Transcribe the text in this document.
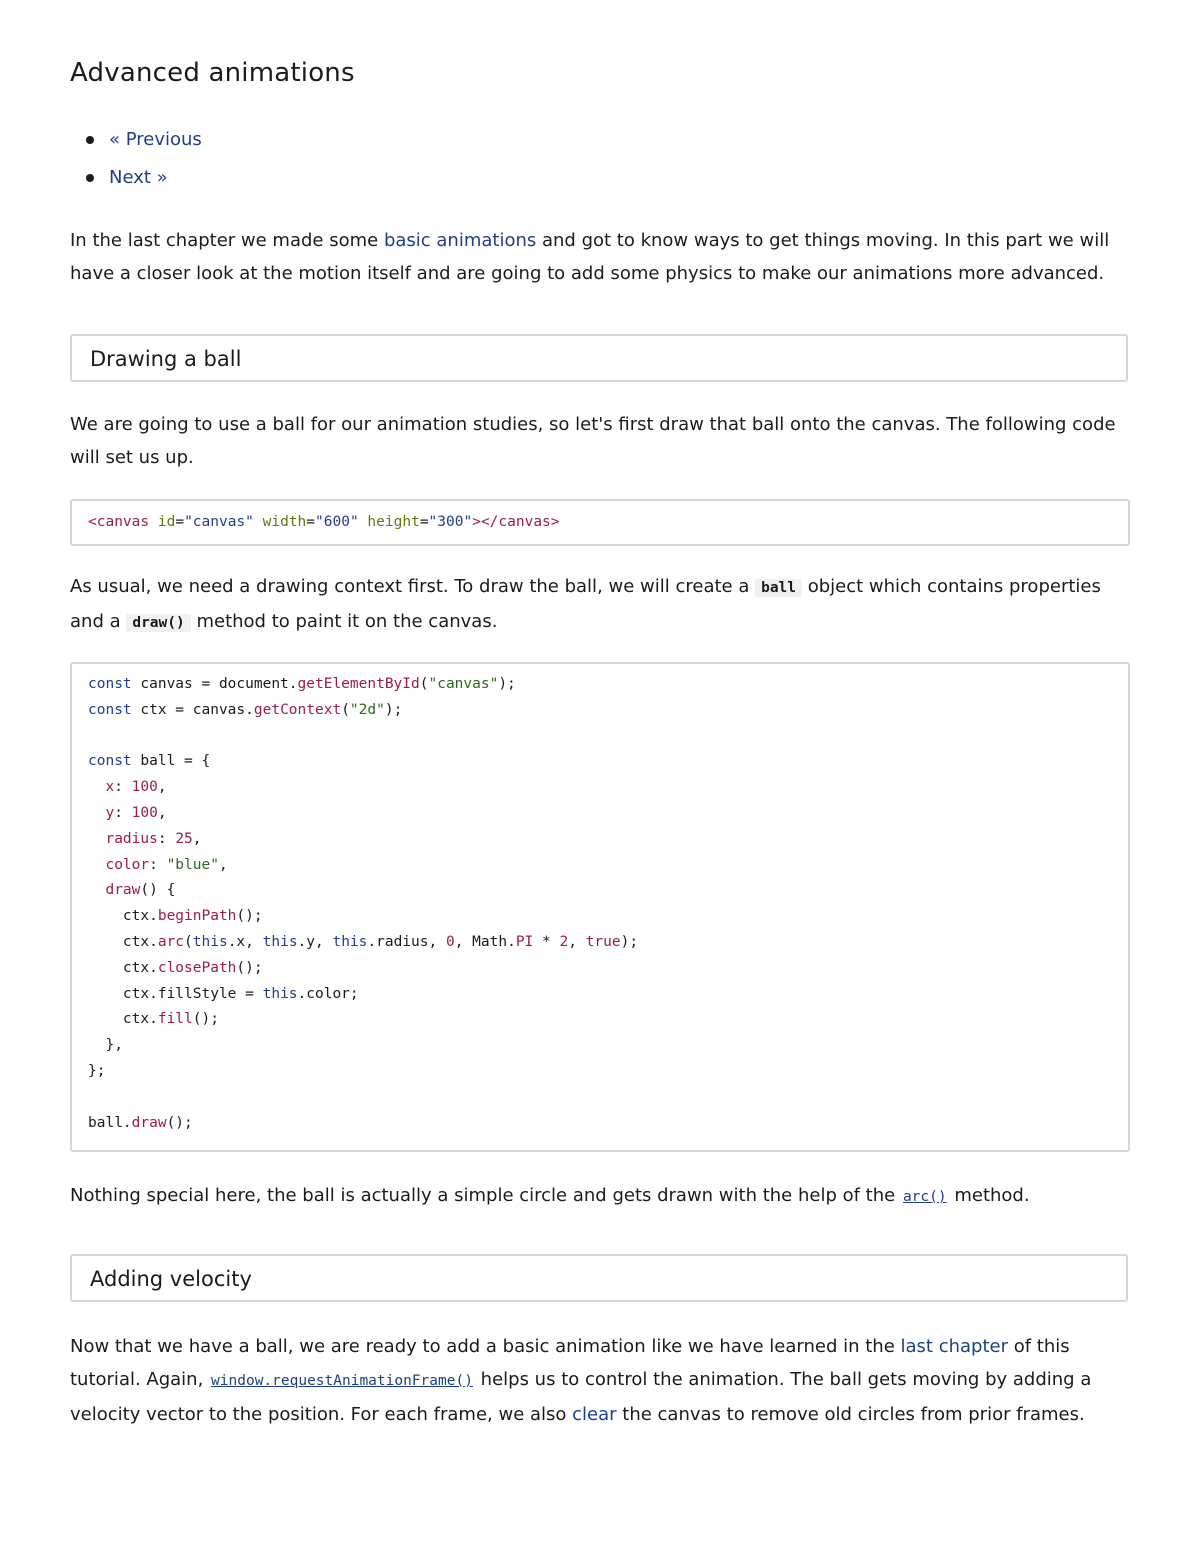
Advanced animations
« Previous
Next »

In the last chapter we made some basic animations and got to know ways to get things moving. In this part we will have a closer look at the motion itself and are going to add some physics to make our animations more advanced.

Drawing a ball

We are going to use a ball for our animation studies, so let's first draw that ball onto the canvas. The following code will set us up.

<canvas id="canvas" width="600" height="300"></canvas>

As usual, we need a drawing context first. To draw the ball, we will create a ball object which contains properties and a draw() method to paint it on the canvas.

const canvas = document.getElementById("canvas");
const ctx = canvas.getContext("2d");

const ball = {
x: 100,
y: 100,
radius: 25,
color: "blue",
draw() {
ctx.beginPath();
ctx.arc(this.x, this.y, this.radius, 0, Math.PI * 2, true);
ctx.closePath();
ctx.fillStyle = this.color;
ctx.fill();
},
};

ball.draw();

Nothing special here, the ball is actually a simple circle and gets drawn with the help of the arc() method.

Adding velocity

Now that we have a ball, we are ready to add a basic animation like we have learned in the last chapter of this tutorial. Again, window.requestAnimationFrame() helps us to control the animation. The ball gets moving by adding a velocity vector to the position. For each frame, we also clear the canvas to remove old circles from prior frames.
